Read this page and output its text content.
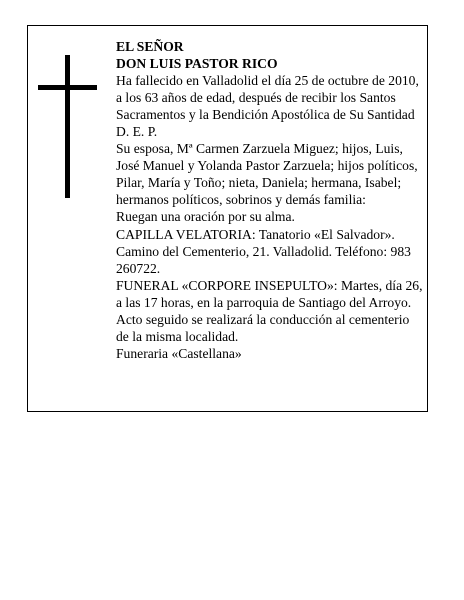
EL SEÑOR
DON LUIS PASTOR RICO
Ha fallecido en Valladolid el día 25 de octubre de 2010,
a los 63 años de edad, después de recibir los Santos
Sacramentos y la Bendición Apostólica de Su Santidad
D. E. P.
Su esposa, Mª Carmen Zarzuela Miguez; hijos, Luis,
José Manuel y Yolanda Pastor Zarzuela; hijos políticos,
Pilar, María y Toño; nieta, Daniela; hermana, Isabel;
hermanos políticos, sobrinos y demás familia:
Ruegan una oración por su alma.
CAPILLA VELATORIA: Tanatorio «El Salvador».
Camino del Cementerio, 21. Valladolid. Teléfono: 983
260722.
FUNERAL «CORPORE INSEPULTO»: Martes, día 26,
a las 17 horas, en la parroquia de Santiago del Arroyo.
Acto seguido se realizará la conducción al cementerio
de la misma localidad.
Funeraria «Castellana»
